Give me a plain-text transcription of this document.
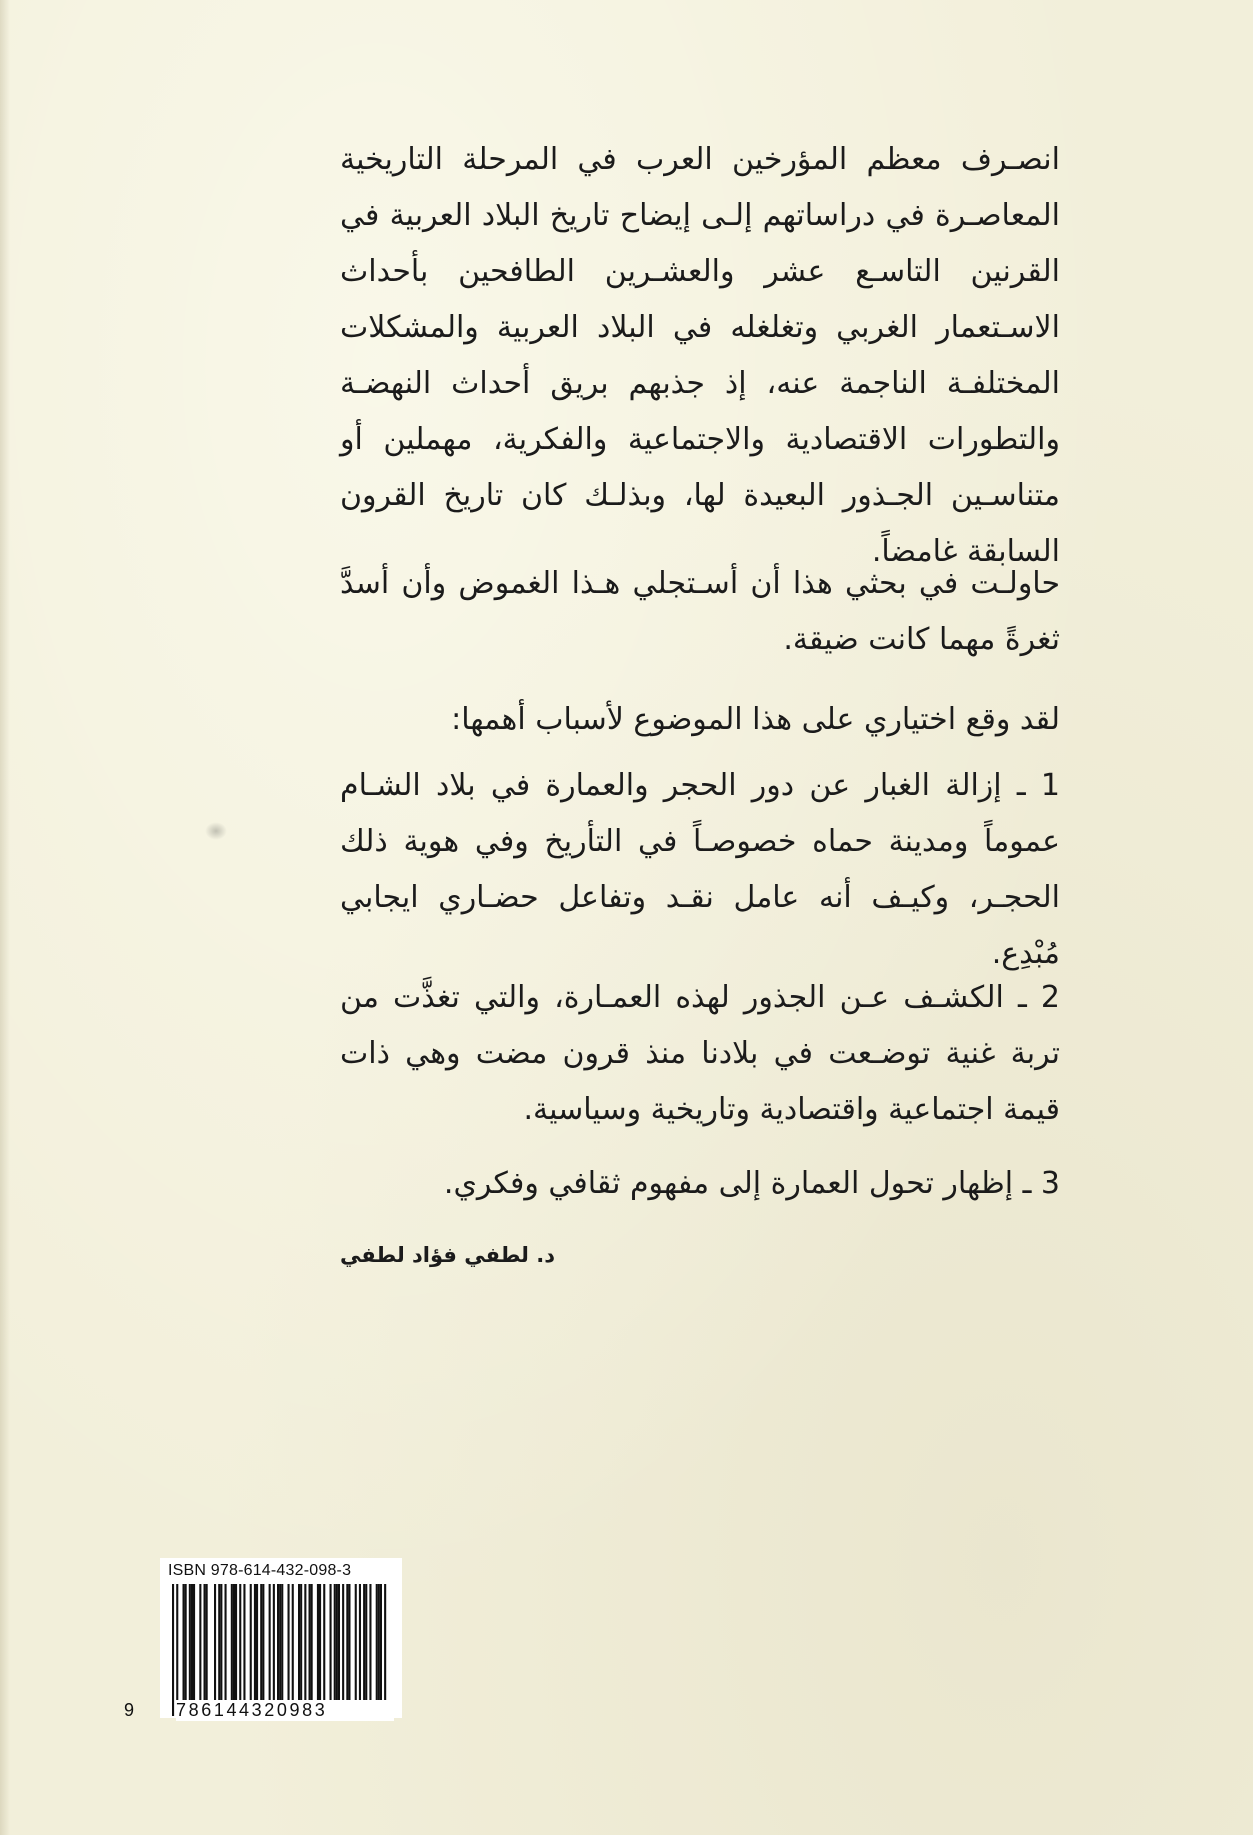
انصـرف معظم المؤرخين العرب في المرحلة التاريخية المعاصـرة في دراساتهم إلـى إيضاح تاريخ البلاد العربية في القرنين التاسـع عشر والعشـرين الطافحين بأحداث الاسـتعمار الغربي وتغلغله في البلاد العربية والمشكلات المختلفـة الناجمة عنه، إذ جذبهم بريق أحداث النهضـة والتطورات الاقتصادية والاجتماعية والفكرية، مهملين أو متناسـين الجـذور البعيدة لها، وبذلـك كان تاريخ القرون السابقة غامضاً.

حاولـت في بحثي هذا أن أسـتجلي هـذا الغموض وأن أسدَّ ثغرةً مهما كانت ضيقة.

لقد وقع اختياري على هذا الموضوع لأسباب أهمها:

1 ـ إزالة الغبار عن دور الحجر والعمارة في بلاد الشـام عموماً ومدينة حماه خصوصـاً في التأريخ وفي هوية ذلك الحجـر، وكيـف أنه عامل نقـد وتفاعل حضـاري ايجابي مُبْدِع.

2 ـ الكشـف عـن الجذور لهذه العمـارة، والتي تغذَّت من تربة غنية توضـعت في بلادنا منذ قرون مضت وهي ذات قيمة اجتماعية واقتصادية وتاريخية وسياسية.

3 ـ إظهار تحول العمارة إلى مفهوم ثقافي وفكري.

د. لطفي فؤاد لطفي
ISBN 978-614-432-098-3
9 786144320983
